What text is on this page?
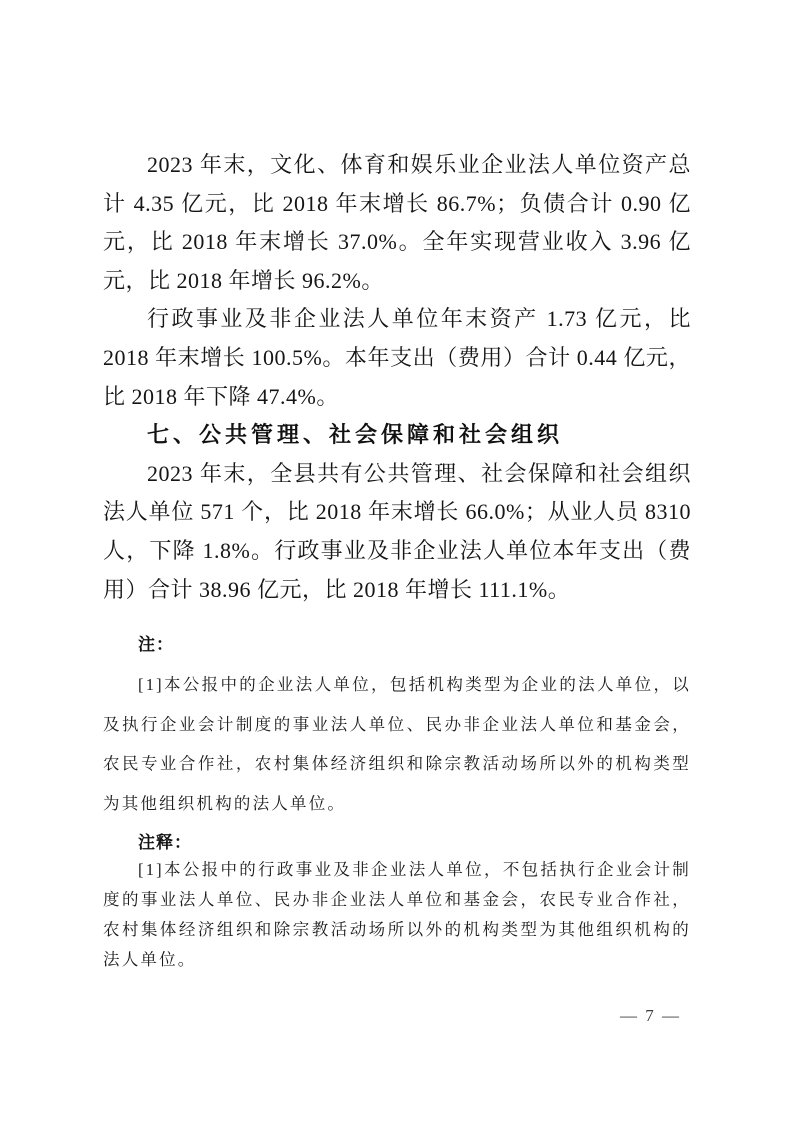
2023 年末，文化、体育和娱乐业企业法人单位资产总计 4.35 亿元，比 2018 年末增长 86.7%；负债合计 0.90 亿元，比 2018 年末增长 37.0%。全年实现营业收入 3.96 亿元，比 2018 年增长 96.2%。

行政事业及非企业法人单位年末资产 1.73 亿元，比 2018 年末增长 100.5%。本年支出（费用）合计 0.44 亿元，比 2018 年下降 47.4%。

七、公共管理、社会保障和社会组织

2023 年末，全县共有公共管理、社会保障和社会组织法人单位 571 个，比 2018 年末增长 66.0%；从业人员 8310 人，下降 1.8%。行政事业及非企业法人单位本年支出（费用）合计 38.96 亿元，比 2018 年增长 111.1%。

注：

[1]本公报中的企业法人单位，包括机构类型为企业的法人单位，以及执行企业会计制度的事业法人单位、民办非企业法人单位和基金会，农民专业合作社，农村集体经济组织和除宗教活动场所以外的机构类型为其他组织机构的法人单位。

注释：

[1]本公报中的行政事业及非企业法人单位，不包括执行企业会计制度的事业法人单位、民办非企业法人单位和基金会，农民专业合作社，农村集体经济组织和除宗教活动场所以外的机构类型为其他组织机构的法人单位。

— 7 —
